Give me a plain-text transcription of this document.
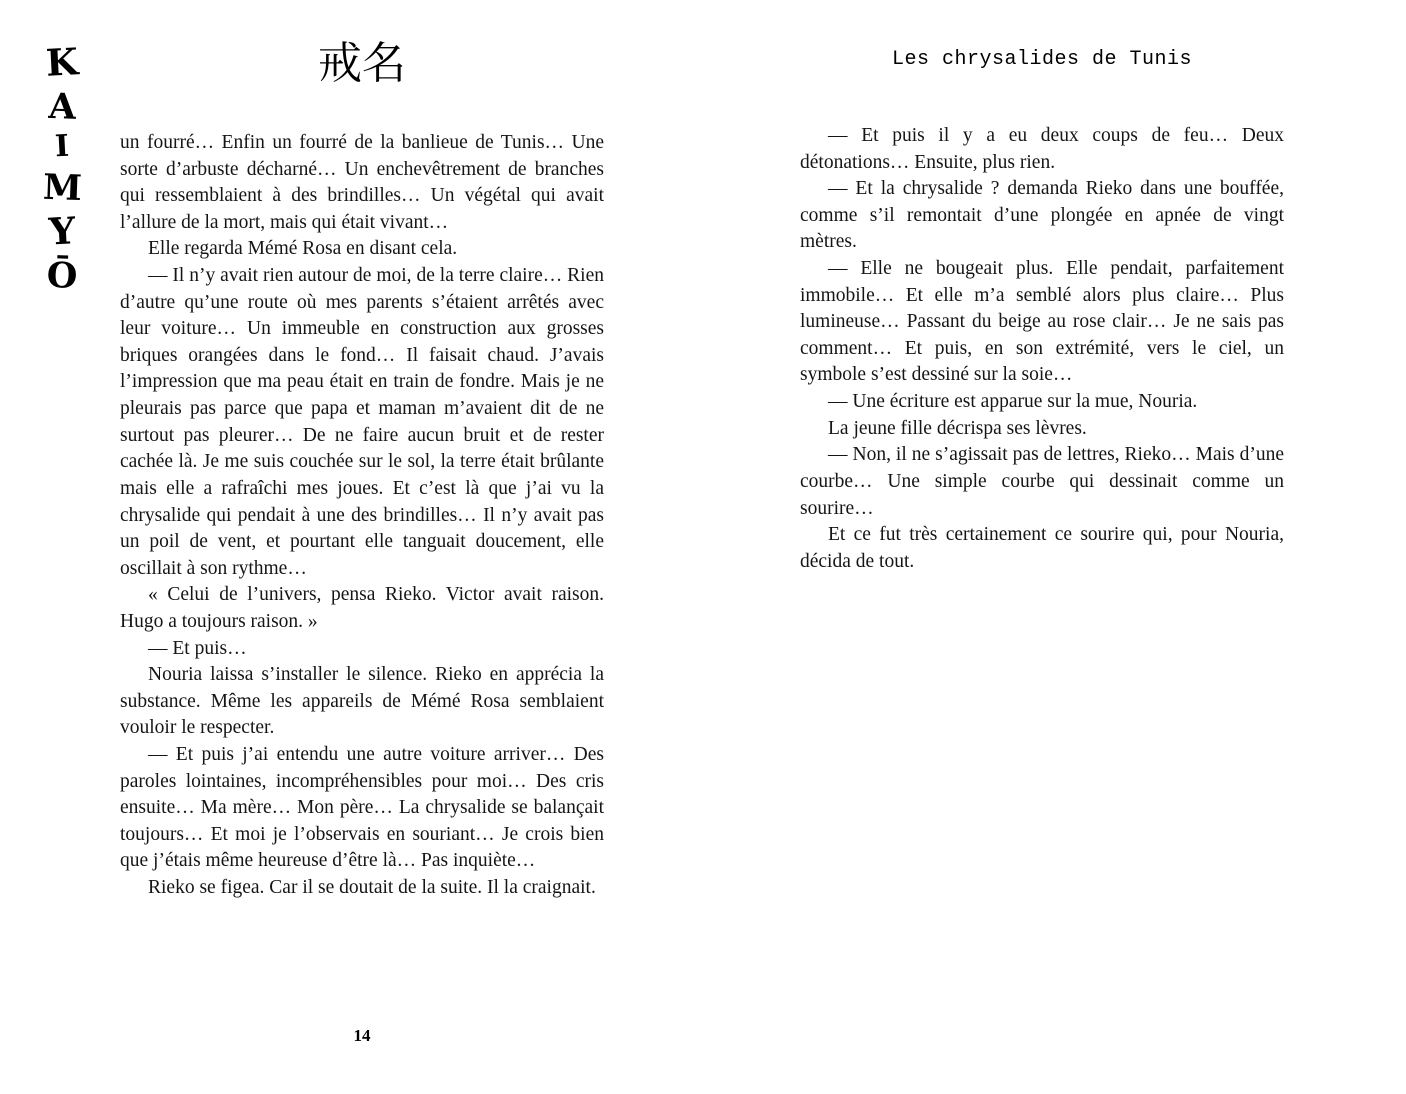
K
A
I
M
Y
Ō
戒名

un fourré… Enfin un fourré de la banlieue de Tunis… Une sorte d’arbuste décharné… Un enchevêtrement de branches qui ressemblaient à des brindilles… Un végétal qui avait l’allure de la mort, mais qui était vivant…

Elle regarda Mémé Rosa en disant cela.

— Il n’y avait rien autour de moi, de la terre claire… Rien d’autre qu’une route où mes parents s’étaient arrêtés avec leur voiture… Un immeuble en construction aux grosses briques orangées dans le fond… Il faisait chaud. J’avais l’impression que ma peau était en train de fondre. Mais je ne pleurais pas parce que papa et maman m’avaient dit de ne surtout pas pleurer… De ne faire aucun bruit et de rester cachée là. Je me suis couchée sur le sol, la terre était brûlante mais elle a rafraîchi mes joues. Et c’est là que j’ai vu la chrysalide qui pendait à une des brindilles… Il n’y avait pas un poil de vent, et pourtant elle tanguait doucement, elle oscillait à son rythme…

« Celui de l’univers, pensa Rieko. Victor avait raison. Hugo a toujours raison. »

— Et puis…

Nouria laissa s’installer le silence. Rieko en apprécia la substance. Même les appareils de Mémé Rosa semblaient vouloir le respecter.

— Et puis j’ai entendu une autre voiture arriver… Des paroles lointaines, incompréhensibles pour moi… Des cris ensuite… Ma mère… Mon père… La chrysalide se balançait toujours… Et moi je l’observais en souriant… Je crois bien que j’étais même heureuse d’être là… Pas inquiète…

Rieko se figea. Car il se doutait de la suite. Il la craignait.

Les chrysalides de Tunis

— Et puis il y a eu deux coups de feu… Deux détonations… Ensuite, plus rien.

— Et la chrysalide ? demanda Rieko dans une bouffée, comme s’il remontait d’une plongée en apnée de vingt mètres.

— Elle ne bougeait plus. Elle pendait, parfaitement immobile… Et elle m’a semblé alors plus claire… Plus lumineuse… Passant du beige au rose clair… Je ne sais pas comment… Et puis, en son extrémité, vers le ciel, un symbole s’est dessiné sur la soie…

— Une écriture est apparue sur la mue, Nouria.

La jeune fille décrispa ses lèvres.

— Non, il ne s’agissait pas de lettres, Rieko… Mais d’une courbe… Une simple courbe qui dessinait comme un sourire…

Et ce fut très certainement ce sourire qui, pour Nouria, décida de tout.

14
